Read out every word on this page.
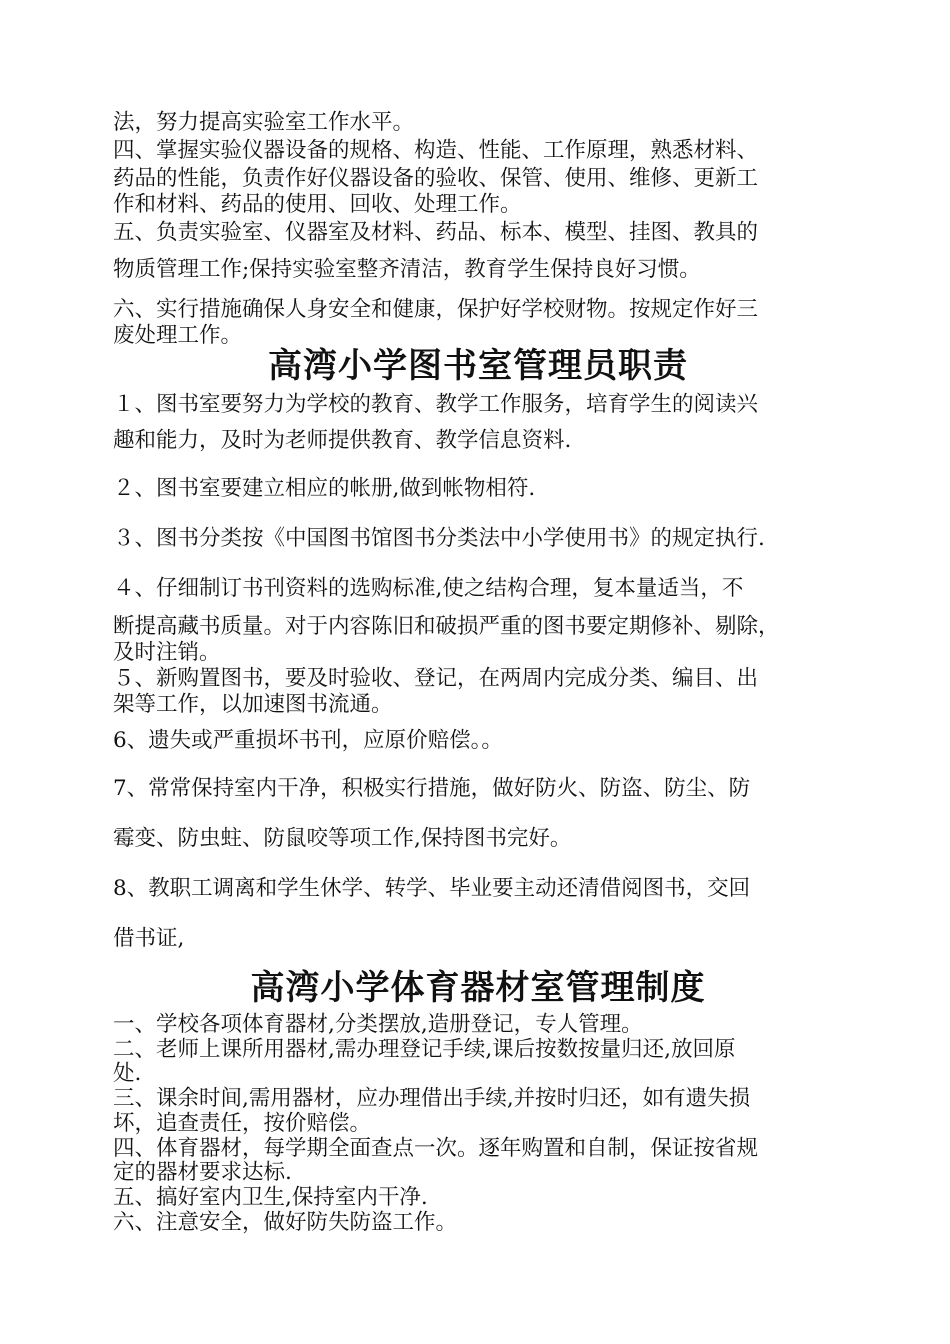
法，努力提高实验室工作水平。
四、掌握实验仪器设备的规格、构造、性能、工作原理，熟悉材料、
药品的性能，负责作好仪器设备的验收、保管、使用、维修、更新工
作和材料、药品的使用、回收、处理工作。
五、负责实验室、仪器室及材料、药品、标本、模型、挂图、教具的
物质管理工作;保持实验室整齐清洁，教育学生保持良好习惯。
六、实行措施确保人身安全和健康，保护好学校财物。按规定作好三
废处理工作。
高湾小学图书室管理员职责
１、图书室要努力为学校的教育、教学工作服务，培育学生的阅读兴
趣和能力，及时为老师提供教育、教学信息资料.
２、图书室要建立相应的帐册,做到帐物相符.
３、图书分类按《中国图书馆图书分类法中小学使用书》的规定执行.
４、仔细制订书刊资料的选购标准,使之结构合理，复本量适当，不
断提高藏书质量。对于内容陈旧和破损严重的图书要定期修补、剔除，
及时注销。
５、新购置图书，要及时验收、登记，在两周内完成分类、编目、出
架等工作，以加速图书流通。
6、遗失或严重损坏书刊，应原价赔偿。。
7、常常保持室内干净，积极实行措施，做好防火、防盗、防尘、防
霉变、防虫蛀、防鼠咬等项工作,保持图书完好。
8、教职工调离和学生休学、转学、毕业要主动还清借阅图书，交回
借书证,
高湾小学体育器材室管理制度
一、学校各项体育器材,分类摆放,造册登记，专人管理。
二、老师上课所用器材,需办理登记手续,课后按数按量归还,放回原
处.
三、课余时间,需用器材，应办理借出手续,并按时归还，如有遗失损
坏，追查责任，按价赔偿。
四、体育器材，每学期全面查点一次。逐年购置和自制，保证按省规
定的器材要求达标.
五、搞好室内卫生,保持室内干净.
六、注意安全，做好防失防盗工作。
